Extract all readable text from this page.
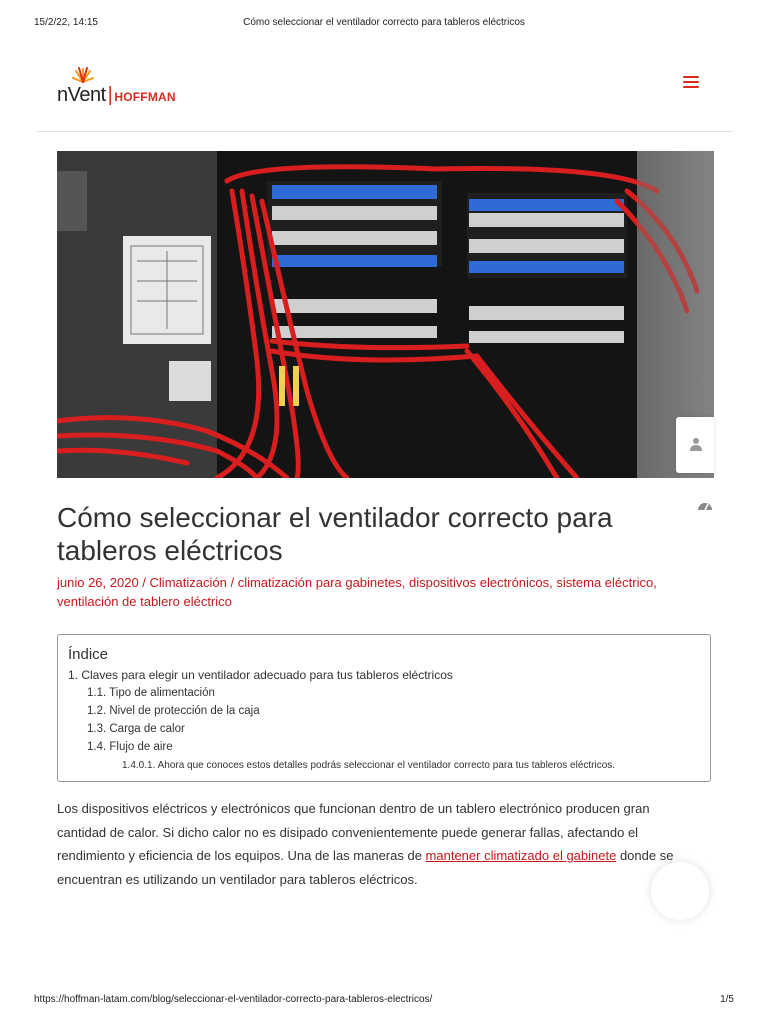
15/2/22, 14:15	Cómo seleccionar el ventilador correcto para tableros eléctricos
nVent | HOFFMAN
Cómo seleccionar el ventilador correcto para tableros eléctricos
junio 26, 2020 / Climatización / climatización para gabinetes, dispositivos electrónicos, sistema eléctrico,
ventilación de tablero eléctrico
Índice
1. Claves para elegir un ventilador adecuado para tus tableros eléctricos
1.1. Tipo de alimentación
1.2. Nivel de protección de la caja
1.3. Carga de calor
1.4. Flujo de aire
1.4.0.1. Ahora que conoces estos detalles podrás seleccionar el ventilador correcto para tus tableros eléctricos.

Los dispositivos eléctricos y electrónicos que funcionan dentro de un tablero electrónico producen gran cantidad de calor. Si dicho calor no es disipado convenientemente puede generar fallas, afectando el rendimiento y eficiencia de los equipos. Una de las maneras de mantener climatizado el gabinete donde se encuentran es utilizando un ventilador para tableros eléctricos.

https://hoffman-latam.com/blog/seleccionar-el-ventilador-correcto-para-tableros-electricos/	1/5
